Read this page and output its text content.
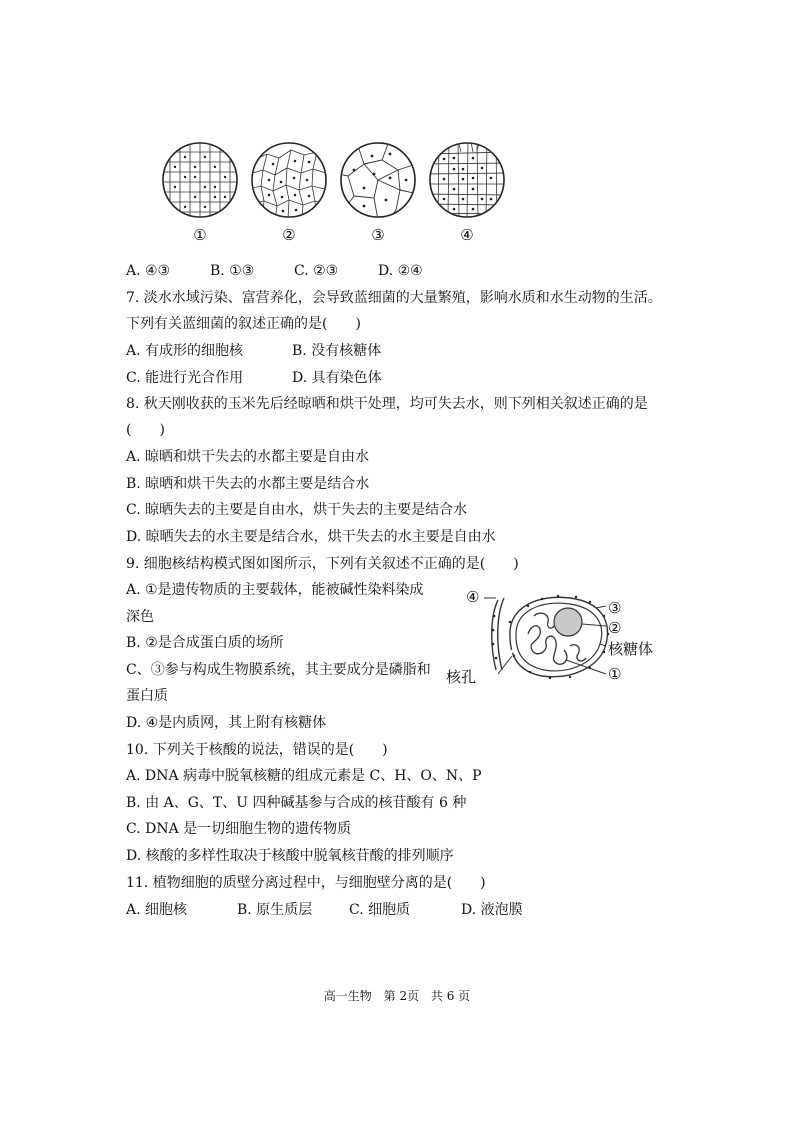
①	②	③	④
A. ④③	B. ①③	C. ②③	D. ②④

7. 淡水水域污染、富营养化，会导致蓝细菌的大量繁殖，影响水质和水生动物的生活。

下列有关蓝细菌的叙述正确的是(　　)

A. 有成形的细胞核	B. 没有核糖体
C. 能进行光合作用	D. 具有染色体

8. 秋天刚收获的玉米先后经晾晒和烘干处理，均可失去水，则下列相关叙述正确的是

(　　)

A. 晾晒和烘干失去的水都主要是自由水

B. 晾晒和烘干失去的水都主要是结合水

C. 晾晒失去的主要是自由水，烘干失去的主要是结合水

D. 晾晒失去的水主要是结合水，烘干失去的水主要是自由水

9. 细胞核结构模式图如图所示，下列有关叙述不正确的是(　　)

A. ①是遗传物质的主要载体，能被碱性染料染成

深色

B. ②是合成蛋白质的场所

C、③参与构成生物膜系统，其主要成分是磷脂和

蛋白质

D. ④是内质网，其上附有核糖体

④
③
②
核糖体
核孔	①

10. 下列关于核酸的说法，错误的是(　　)

A. DNA 病毒中脱氧核糖的组成元素是 C、H、O、N、P

B. 由 A、G、T、U 四种碱基参与合成的核苷酸有 6 种

C. DNA 是一切细胞生物的遗传物质

D. 核酸的多样性取决于核酸中脱氧核苷酸的排列顺序

11. 植物细胞的质壁分离过程中，与细胞壁分离的是(　　)

A. 细胞核	B. 原生质层	C. 细胞质	D. 液泡膜
高一生物 第 2页 共 6 页
